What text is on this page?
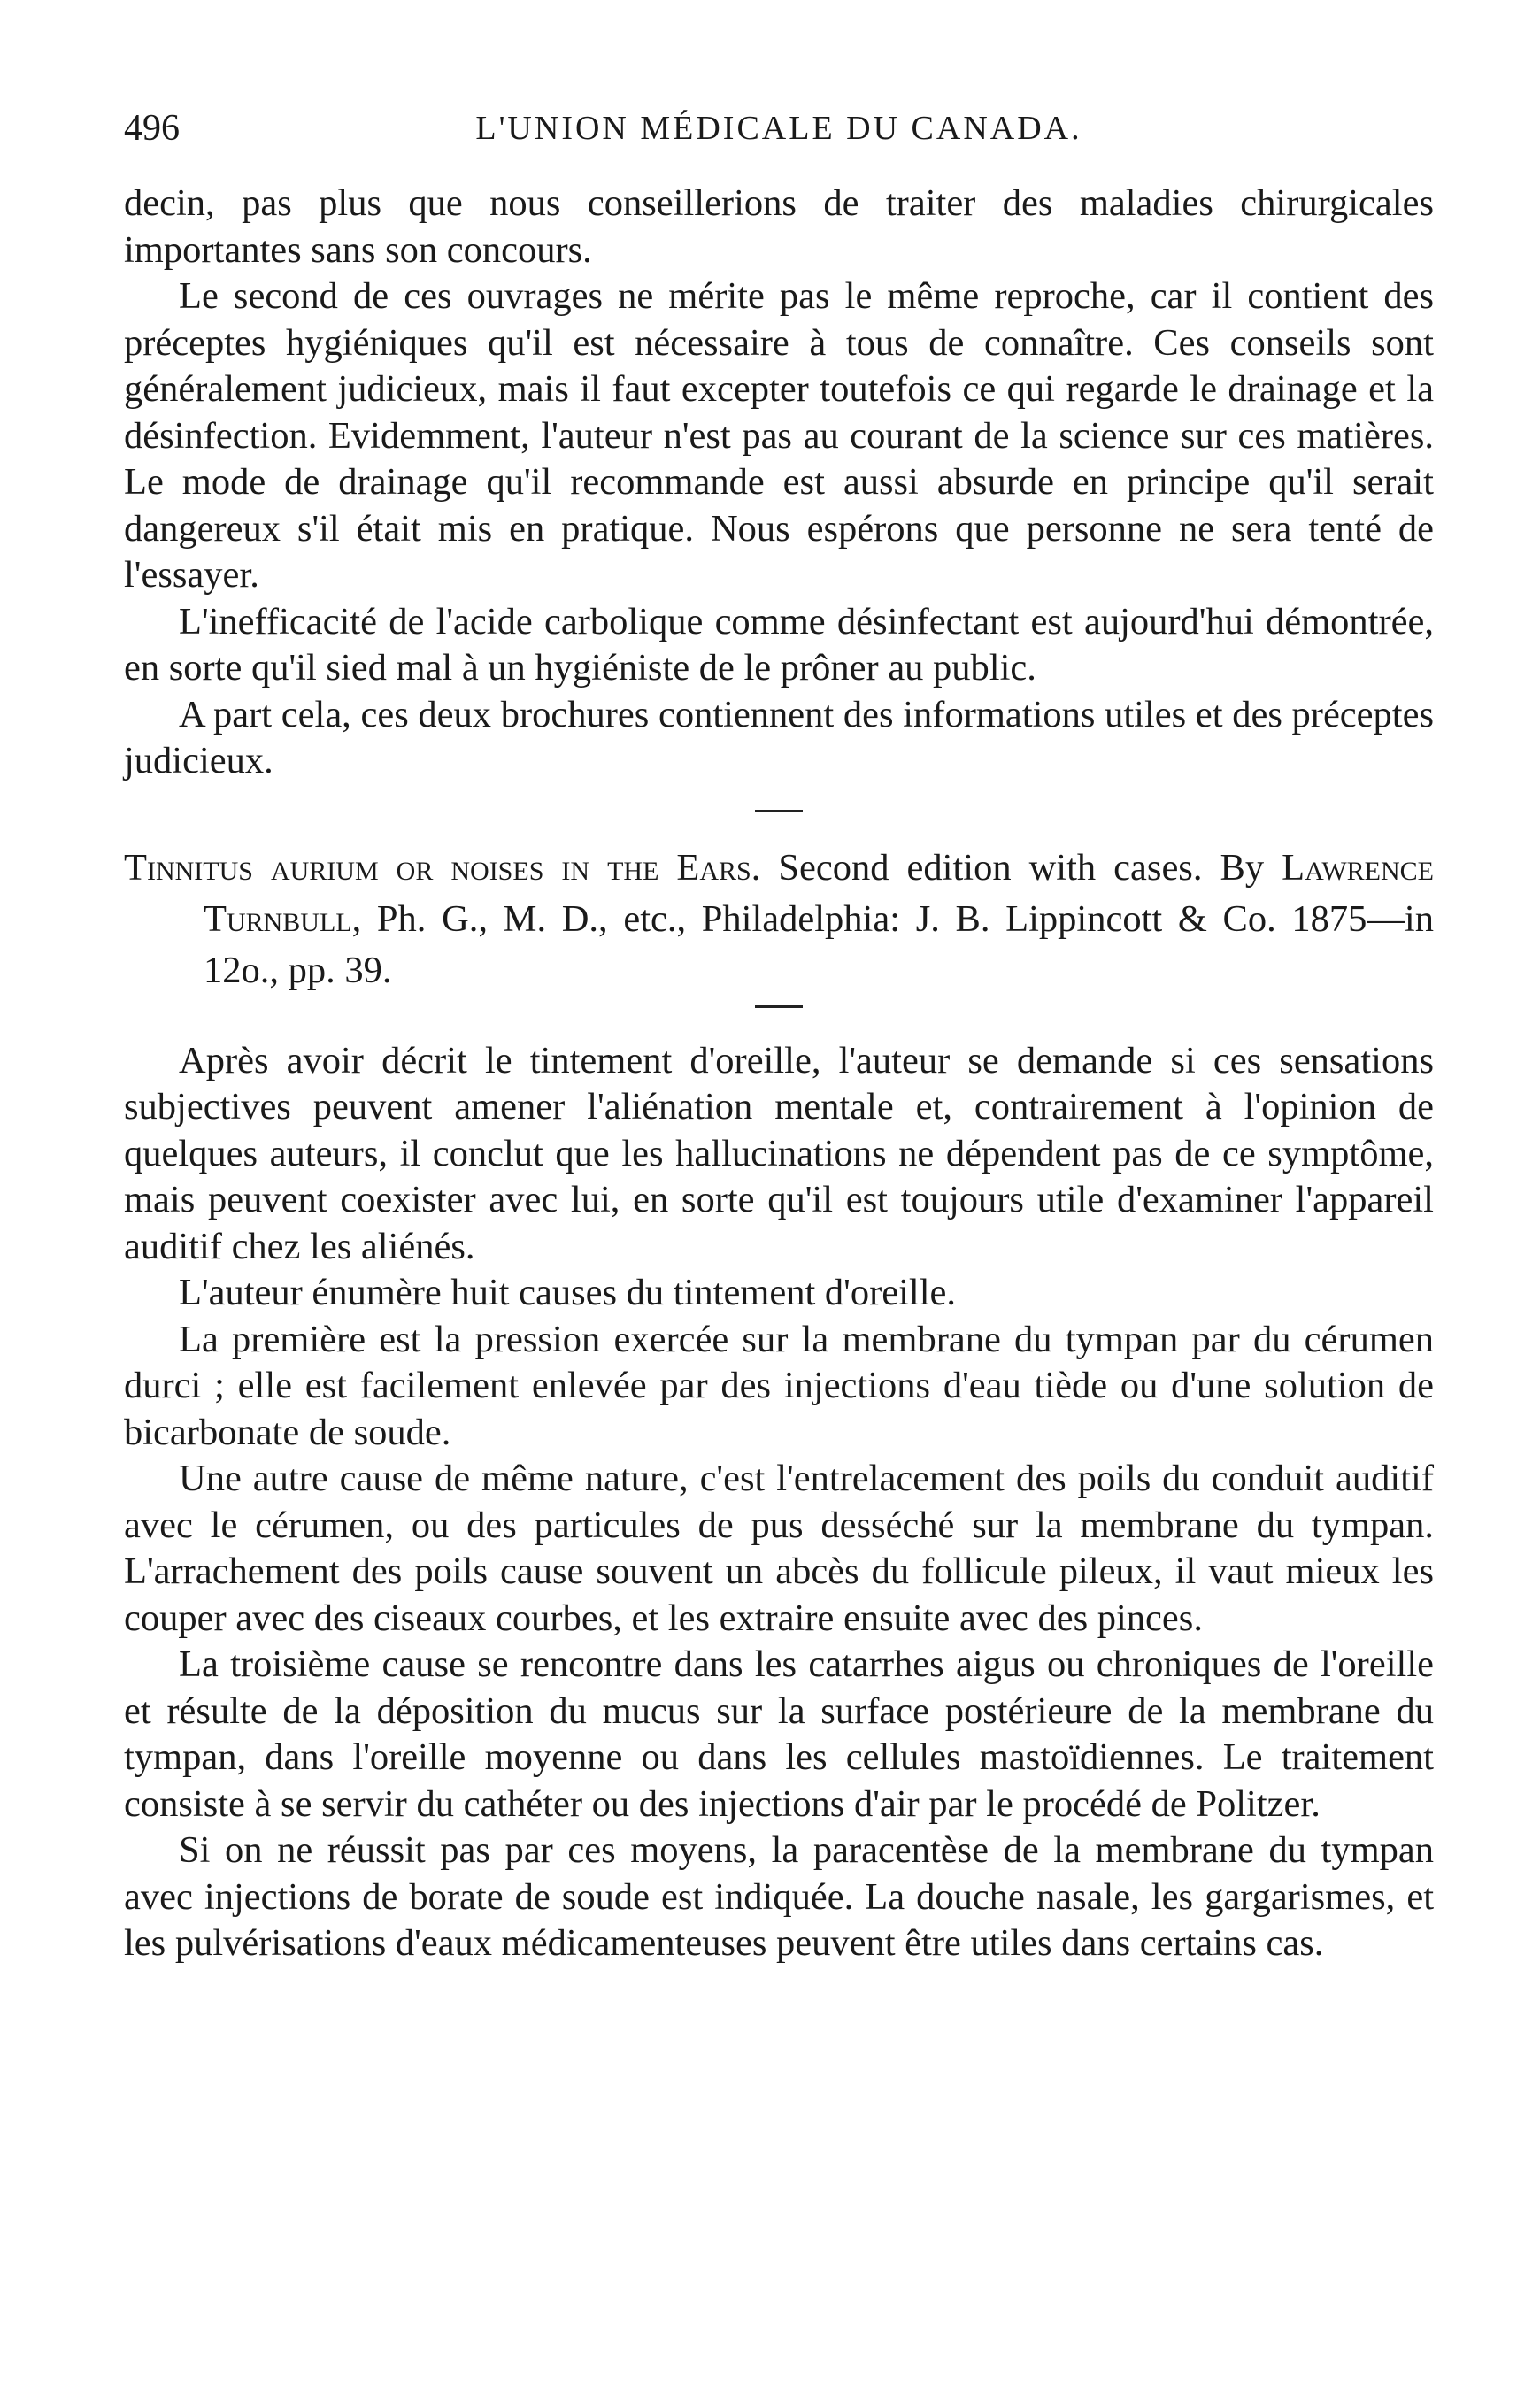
496	L'UNION MÉDICALE DU CANADA.

decin, pas plus que nous conseillerions de traiter des maladies chirurgicales importantes sans son concours.

Le second de ces ouvrages ne mérite pas le même reproche, car il contient des préceptes hygiéniques qu'il est nécessaire à tous de connaître. Ces conseils sont généralement judicieux, mais il faut excepter toutefois ce qui regarde le drainage et la désinfection. Evidemment, l'auteur n'est pas au courant de la science sur ces matières. Le mode de drainage qu'il recommande est aussi absurde en principe qu'il serait dangereux s'il était mis en pratique. Nous espérons que personne ne sera tenté de l'essayer.

L'inefficacité de l'acide carbolique comme désinfectant est aujourd'hui démontrée, en sorte qu'il sied mal à un hygiéniste de le prôner au public.

A part cela, ces deux brochures contiennent des informations utiles et des préceptes judicieux.

Tinnitus aurium or noises in the Ears. Second edition with cases. By Lawrence Turnbull, Ph. G., M. D., etc., Philadelphia: J. B. Lippincott & Co. 1875—in 12o., pp. 39.

Après avoir décrit le tintement d'oreille, l'auteur se demande si ces sensations subjectives peuvent amener l'aliénation mentale et, contrairement à l'opinion de quelques auteurs, il conclut que les hallucinations ne dépendent pas de ce symptôme, mais peuvent coexister avec lui, en sorte qu'il est toujours utile d'examiner l'appareil auditif chez les aliénés.

L'auteur énumère huit causes du tintement d'oreille.

La première est la pression exercée sur la membrane du tympan par du cérumen durci ; elle est facilement enlevée par des injections d'eau tiède ou d'une solution de bicarbonate de soude.

Une autre cause de même nature, c'est l'entrelacement des poils du conduit auditif avec le cérumen, ou des particules de pus desséché sur la membrane du tympan. L'arrachement des poils cause souvent un abcès du follicule pileux, il vaut mieux les couper avec des ciseaux courbes, et les extraire ensuite avec des pinces.

La troisième cause se rencontre dans les catarrhes aigus ou chroniques de l'oreille et résulte de la déposition du mucus sur la surface postérieure de la membrane du tympan, dans l'oreille moyenne ou dans les cellules mastoïdiennes. Le traitement consiste à se servir du cathéter ou des injections d'air par le procédé de Politzer.

Si on ne réussit pas par ces moyens, la paracentèse de la membrane du tympan avec injections de borate de soude est indiquée. La douche nasale, les gargarismes, et les pulvérisations d'eaux médicamenteuses peuvent être utiles dans certains cas.
